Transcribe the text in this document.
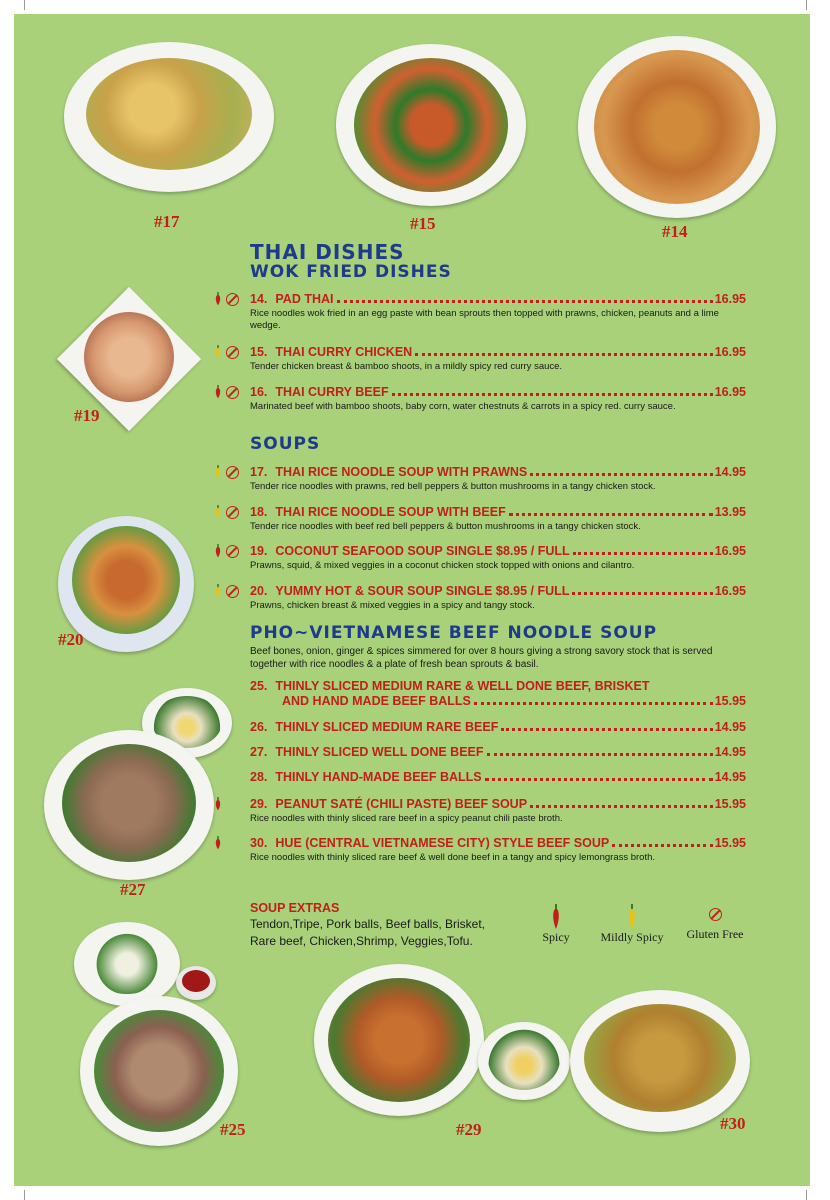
#17	#15	#14
#19
#20
#27
#25	#29	#30
THAI DISHES
WOK FRIED DISHES
SOUPS
PHO~VIETNAMESE BEEF NOODLE SOUP
Beef bones, onion, ginger & spices simmered for over 8 hours giving a strong savory stock that is served together with rice noodles & a plate of fresh bean sprouts & basil.
14. PAD THAI	16.95
Rice noodles wok fried in an egg paste with bean sprouts then topped with prawns, chicken, peanuts and a lime wedge.
15. THAI CURRY CHICKEN	16.95
Tender chicken breast & bamboo shoots, in a mildly spicy red curry sauce.
16. THAI CURRY BEEF	16.95
Marinated beef with bamboo shoots, baby corn, water chestnuts & carrots in a spicy red. curry sauce.
17. THAI RICE NOODLE SOUP WITH PRAWNS	14.95
Tender rice noodles with prawns, red bell peppers & button mushrooms in a tangy chicken stock.
18. THAI RICE NOODLE SOUP WITH BEEF	13.95
Tender rice noodles with beef red bell peppers & button mushrooms in a tangy chicken stock.
19. COCONUT SEAFOOD SOUP SINGLE $8.95 / FULL	16.95
Prawns, squid, & mixed veggies in a coconut chicken stock topped with onions and cilantro.
20. YUMMY HOT & SOUR SOUP SINGLE $8.95 / FULL	16.95
Prawns, chicken breast & mixed veggies in a spicy and tangy stock.
25. THINLY SLICED MEDIUM RARE & WELL DONE BEEF, BRISKET
AND HAND MADE BEEF BALLS	15.95
26. THINLY SLICED MEDIUM RARE BEEF	14.95
27. THINLY SLICED WELL DONE BEEF	14.95
28. THINLY HAND-MADE BEEF BALLS	14.95
29. PEANUT SATÉ (CHILI PASTE) BEEF SOUP	15.95
Rice noodles with thinly sliced rare beef in a spicy peanut chili paste broth.
30. HUE (CENTRAL VIETNAMESE CITY) STYLE BEEF SOUP	15.95
Rice noodles with thinly sliced rare beef & well done beef in a tangy and spicy lemongrass broth.
SOUP EXTRAS
Tendon,Tripe, Pork balls, Beef balls, Brisket,
Rare beef, Chicken,Shrimp, Veggies,Tofu.	Spicy	Mildly Spicy	Gluten Free
